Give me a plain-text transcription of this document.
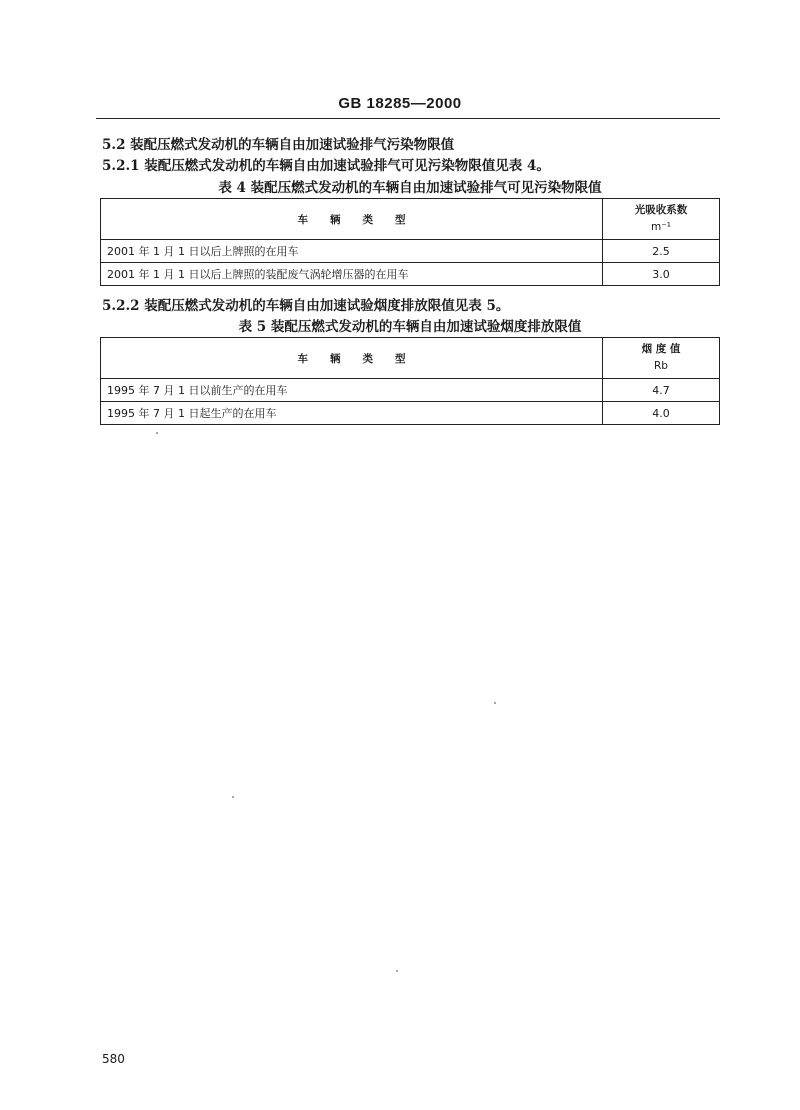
GB 18285—2000
5.2 装配压燃式发动机的车辆自由加速试验排气污染物限值
5.2.1 装配压燃式发动机的车辆自由加速试验排气可见污染物限值见表 4。
表 4 装配压燃式发动机的车辆自由加速试验排气可见污染物限值
车辆类型	光吸收系数
m⁻¹

2001 年 1 月 1 日以后上牌照的在用车	2.5
2001 年 1 月 1 日以后上牌照的装配废气涡轮增压器的在用车	3.0
5.2.2 装配压燃式发动机的车辆自由加速试验烟度排放限值见表 5。
表 5 装配压燃式发动机的车辆自由加速试验烟度排放限值
车辆类型	烟 度 值
Rb

1995 年 7 月 1 日以前生产的在用车	4.7
1995 年 7 月 1 日起生产的在用车	4.0
580
